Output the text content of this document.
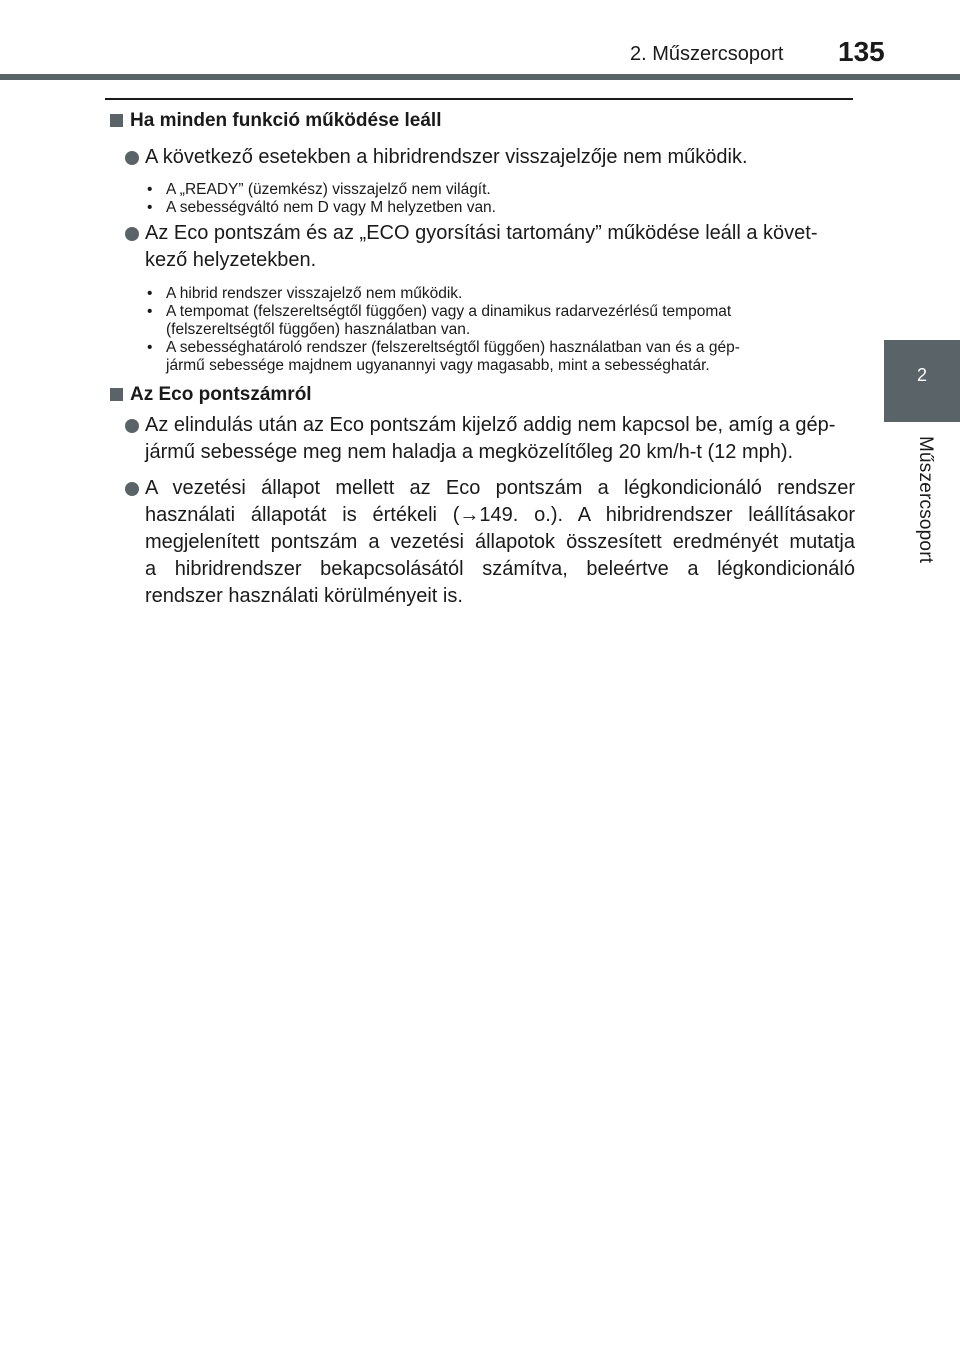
2. Műszercsoport 135
2
Műszercsoport
Ha minden funkció működése leáll
A következő esetekben a hibridrendszer visszajelzője nem működik.
• A „READY” (üzemkész) visszajelző nem világít.
• A sebességváltó nem D vagy M helyzetben van.
Az Eco pontszám és az „ECO gyorsítási tartomány” működése leáll a követ-
kező helyzetekben.
• A hibrid rendszer visszajelző nem működik.
• A tempomat (felszereltségtől függően) vagy a dinamikus radarvezérlésű tempomat
(felszereltségtől függően) használatban van.
• A sebességhatároló rendszer (felszereltségtől függően) használatban van és a gép-
jármű sebessége majdnem ugyanannyi vagy magasabb, mint a sebességhatár.
Az Eco pontszámról
Az elindulás után az Eco pontszám kijelző addig nem kapcsol be, amíg a gép-
jármű sebessége meg nem haladja a megközelítőleg 20 km/h-t (12 mph).
A vezetési állapot mellett az Eco pontszám a légkondicionáló rendszer
használati állapotát is értékeli (→149. o.). A hibridrendszer leállításakor
megjelenített pontszám a vezetési állapotok összesített eredményét mutatja
a hibridrendszer bekapcsolásától számítva, beleértve a légkondicionáló
rendszer használati körülményeit is.
